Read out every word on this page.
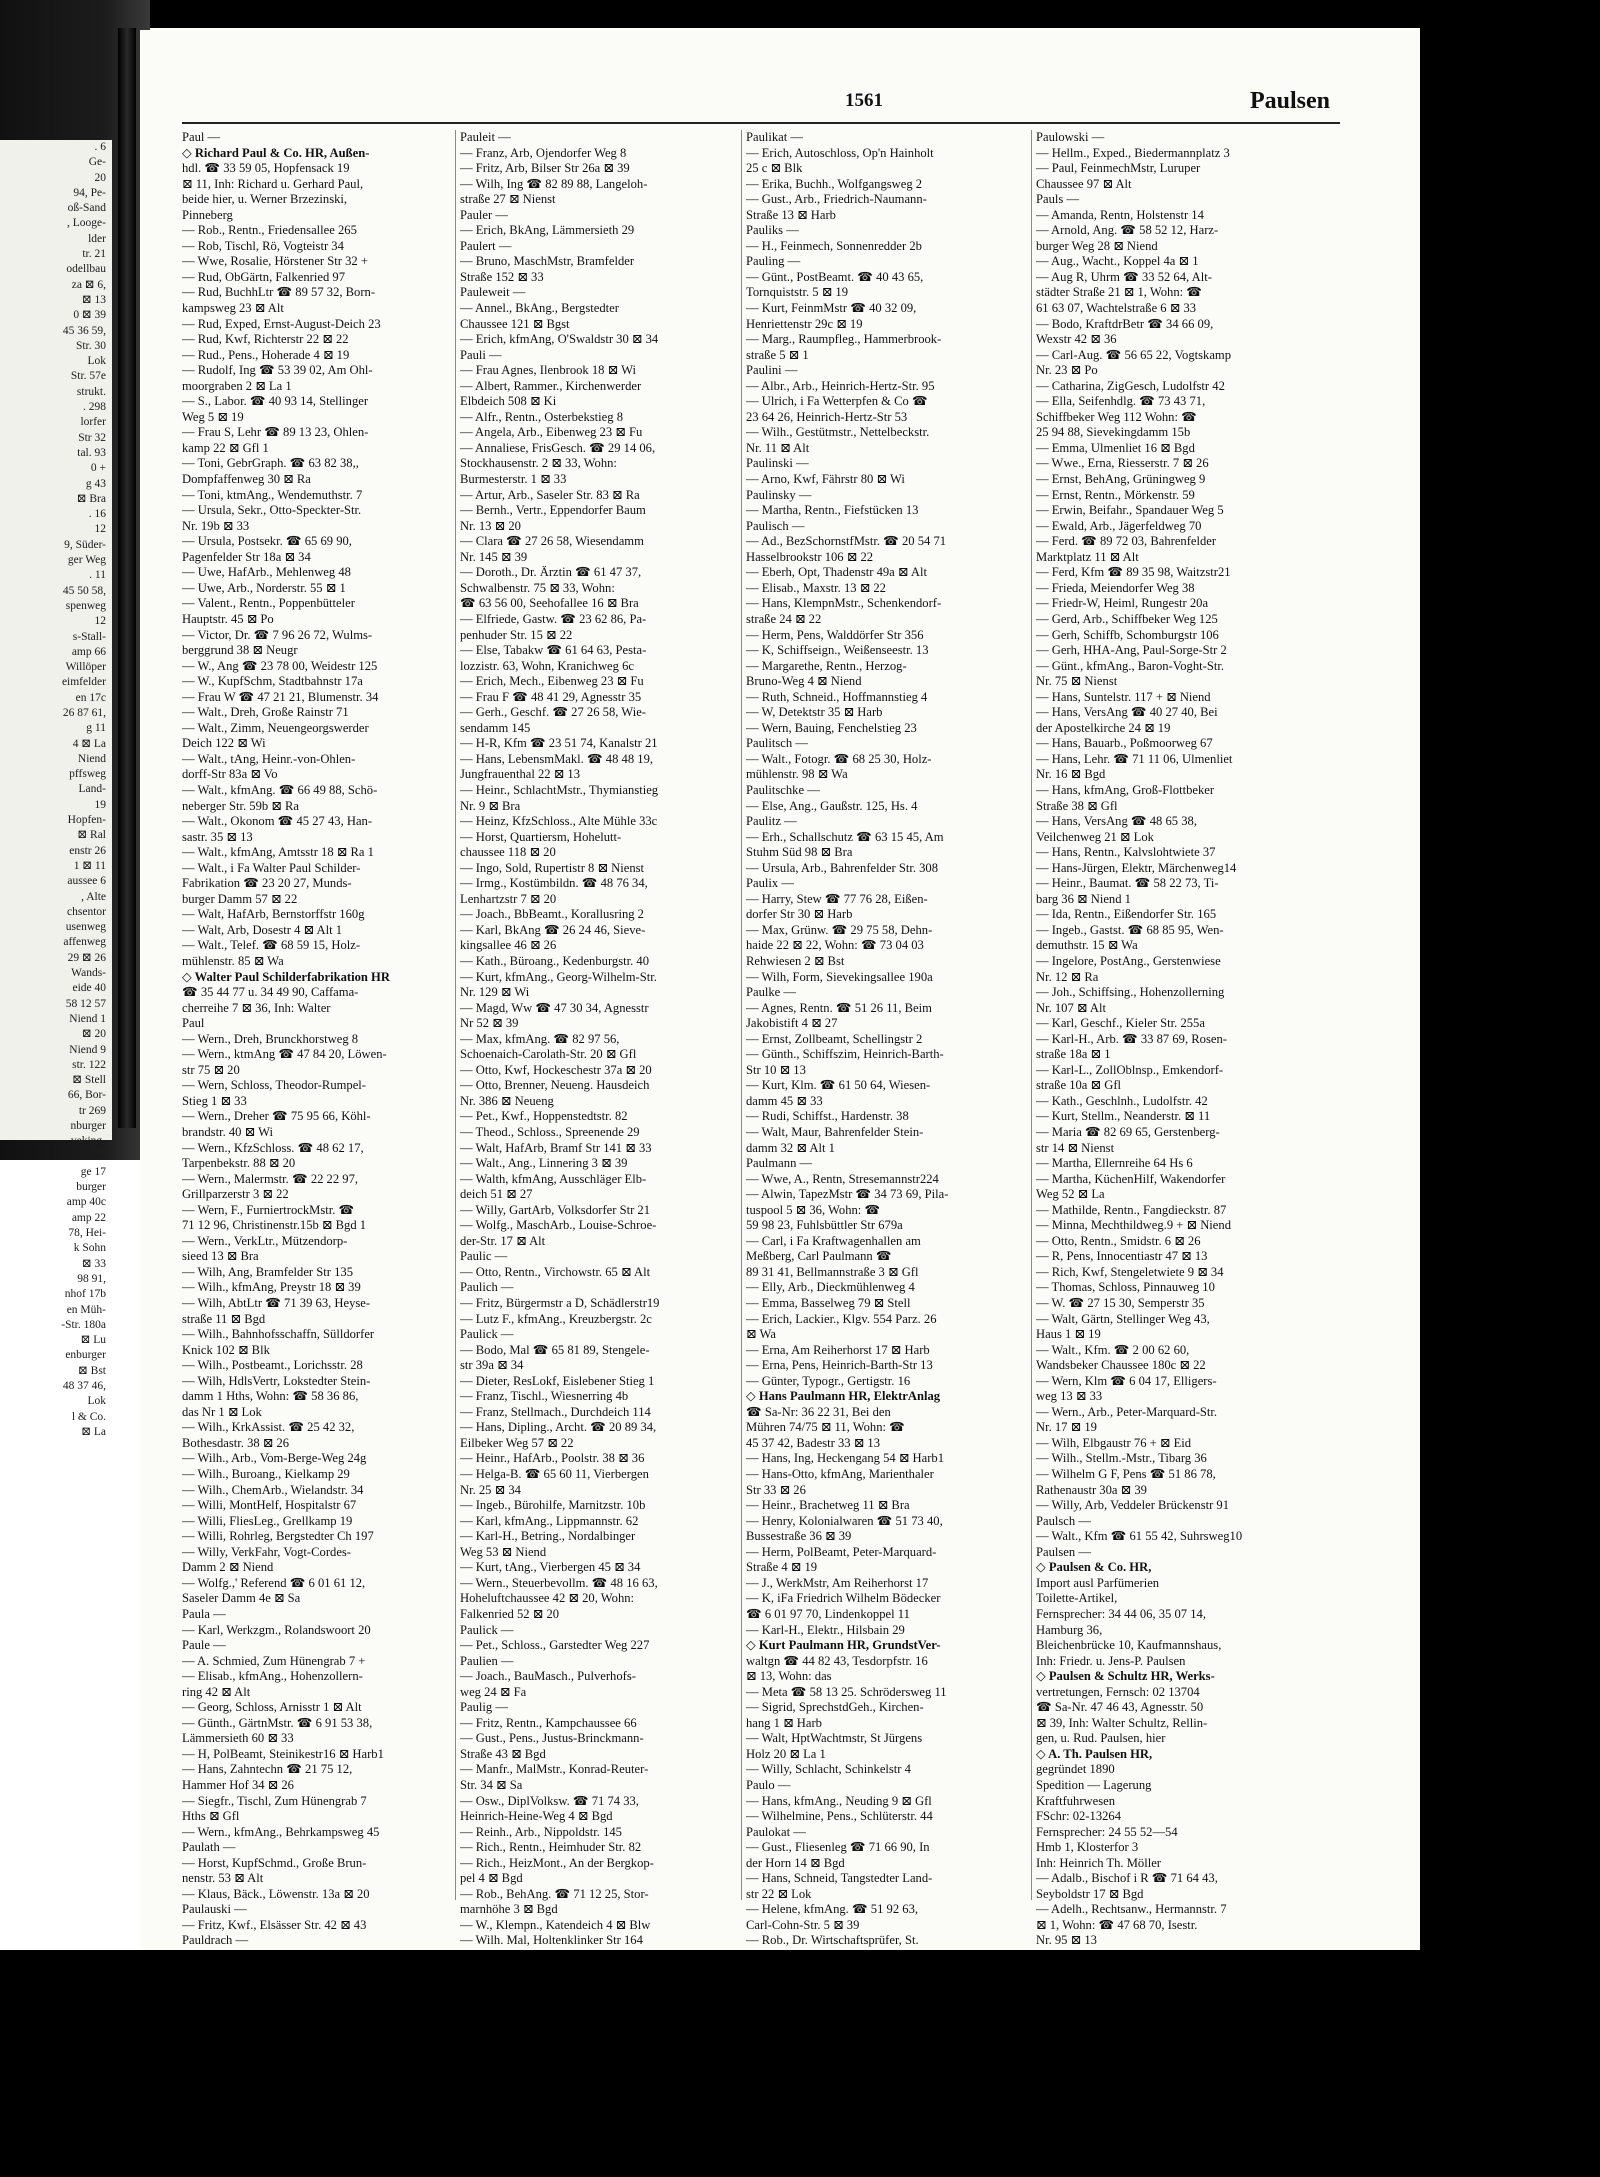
. 6
Ge-
20
94, Pe-
oß-Sand
, Looge-
lder
tr. 21
odellbau
za ⊠ 6,
⊠ 13
0 ⊠ 39
45 36 59,
Str. 30
Lok
Str. 57e
strukt.
. 298
lorfer
Str 32
tal. 93
0 +
g 43
⊠ Bra
. 16
12
9, Süder-
ger Weg
. 11
45 50 58,
spenweg
12
s-Stall-
amp 66
Willöper
eimfelder
en 17c
26 87 61,
g 11
4 ⊠ La
Niend
pffsweg
Land-
19
Hopfen-
⊠ Ral
enstr 26
1 ⊠ 11
aussee 6
, Alte
chsentor
usenweg
affenweg
29 ⊠ 26
Wands-
eide 40
58 12 57
Niend 1
⊠ 20
Niend 9
str. 122
⊠ Stell
66, Bor-
tr 269
nburger
veking-
. Alster-
ge 17
burger
amp 40c
amp 22
78, Hei-
k Sohn
⊠ 33
98 91,
nhof 17b
en Müh-
-Str. 180a
⊠ Lu
enburger
⊠ Bst
48 37 46,
Lok
l & Co.
⊠ La
1561	Paulsen
Paul —
◇ Richard Paul & Co. HR, Außen-
hdl. ☎ 33 59 05, Hopfensack 19
⊠ 11, Inh: Richard u. Gerhard Paul,
beide hier, u. Werner Brzezinski,
Pinneberg
— Rob., Rentn., Friedensallee 265
— Rob, Tischl, Rö, Vogteistr 34
— Wwe, Rosalie, Hörstener Str 32 +
— Rud, ObGärtn, Falkenried 97
— Rud, BuchhLtr ☎ 89 57 32, Born-
kampsweg 23 ⊠ Alt
— Rud, Exped, Ernst-August-Deich 23
— Rud, Kwf, Richterstr 22 ⊠ 22
— Rud., Pens., Hoherade 4 ⊠ 19
— Rudolf, Ing ☎ 53 39 02, Am Ohl-
moorgraben 2 ⊠ La 1
— S., Labor. ☎ 40 93 14, Stellinger
Weg 5 ⊠ 19
— Frau S, Lehr ☎ 89 13 23, Ohlen-
kamp 22 ⊠ Gfl 1
— Toni, GebrGraph. ☎ 63 82 38,,
Dompfaffenweg 30 ⊠ Ra
— Toni, ktmAng., Wendemuthstr. 7
— Ursula, Sekr., Otto-Speckter-Str.
Nr. 19b ⊠ 33
— Ursula, Postsekr. ☎ 65 69 90,
Pagenfelder Str 18a ⊠ 34
— Uwe, HafArb., Mehlenweg 48
— Uwe, Arb., Norderstr. 55 ⊠ 1
— Valent., Rentn., Poppenbütteler
Hauptstr. 45 ⊠ Po
— Victor, Dr. ☎ 7 96 26 72, Wulms-
berggrund 38 ⊠ Neugr
— W., Ang ☎ 23 78 00, Weidestr 125
— W., KupfSchm, Stadtbahnstr 17a
— Frau W ☎ 47 21 21, Blumenstr. 34
— Walt., Dreh, Große Rainstr 71
— Walt., Zimm, Neuengeorgswerder
Deich 122 ⊠ Wi
— Walt., tAng, Heinr.-von-Ohlen-
dorff-Str 83a ⊠ Vo
— Walt., kfmAng. ☎ 66 49 88, Schö-
neberger Str. 59b ⊠ Ra
— Walt., Okonom ☎ 45 27 43, Han-
sastr. 35 ⊠ 13
— Walt., kfmAng, Amtsstr 18 ⊠ Ra 1
— Walt., i Fa Walter Paul Schilder-
Fabrikation ☎ 23 20 27, Munds-
burger Damm 57 ⊠ 22
— Walt, HafArb, Bernstorffstr 160g
— Walt, Arb, Dosestr 4 ⊠ Alt 1
— Walt., Telef. ☎ 68 59 15, Holz-
mühlenstr. 85 ⊠ Wa
◇ Walter Paul Schilderfabrikation HR
☎ 35 44 77 u. 34 49 90, Caffama-
cherreihe 7 ⊠ 36, Inh: Walter
Paul
— Wern., Dreh, Brunckhorstweg 8
— Wern., ktmAng ☎ 47 84 20, Löwen-
str 75 ⊠ 20
— Wern, Schloss, Theodor-Rumpel-
Stieg 1 ⊠ 33
— Wern., Dreher ☎ 75 95 66, Köhl-
brandstr. 40 ⊠ Wi
— Wern., KfzSchloss. ☎ 48 62 17,
Tarpenbekstr. 88 ⊠ 20
— Wern., Malermstr. ☎ 22 22 97,
Grillparzerstr 3 ⊠ 22
— Wern, F., FurniertrockMstr. ☎
71 12 96, Christinenstr.15b ⊠ Bgd 1
— Wern., VerkLtr., Mützendorp-
sieed 13 ⊠ Bra
— Wilh, Ang, Bramfelder Str 135
— Wilh., kfmAng, Preystr 18 ⊠ 39
— Wilh, AbtLtr ☎ 71 39 63, Heyse-
straße 11 ⊠ Bgd
— Wilh., Bahnhofsschaffn, Sülldorfer
Knick 102 ⊠ Blk
— Wilh., Postbeamt., Lorichsstr. 28
— Wilh, HdlsVertr, Lokstedter Stein-
damm 1 Hths, Wohn: ☎ 58 36 86,
das Nr 1 ⊠ Lok
— Wilh., KrkAssist. ☎ 25 42 32,
Bothesdastr. 38 ⊠ 26
— Wilh., Arb., Vom-Berge-Weg 24g
— Wilh., Buroang., Kielkamp 29
— Wilh., ChemArb., Wielandstr. 34
— Willi, MontHelf, Hospitalstr 67
— Willi, FliesLeg., Grellkamp 19
— Willi, Rohrleg, Bergstedter Ch 197
— Willy, VerkFahr, Vogt-Cordes-
Damm 2 ⊠ Niend
— Wolfg.,' Referend ☎ 6 01 61 12,
Saseler Damm 4e ⊠ Sa
Paula —
— Karl, Werkzgm., Rolandswoort 20
Paule —
— A. Schmied, Zum Hünengrab 7 +
— Elisab., kfmAng., Hohenzollern-
ring 42 ⊠ Alt
— Georg, Schloss, Arnisstr 1 ⊠ Alt
— Günth., GärtnMstr. ☎ 6 91 53 38,
Lämmersieth 60 ⊠ 33
— H, PolBeamt, Steinikestr16 ⊠ Harb1
— Hans, Zahntechn ☎ 21 75 12,
Hammer Hof 34 ⊠ 26
— Siegfr., Tischl, Zum Hünengrab 7
Hths ⊠ Gfl
— Wern., kfmAng., Behrkampsweg 45
Paulath —
— Horst, KupfSchmd., Große Brun-
nenstr. 53 ⊠ Alt
— Klaus, Bäck., Löwenstr. 13a ⊠ 20
Paulauski —
— Fritz, Kwf., Elsässer Str. 42 ⊠ 43
Pauldrach —
Pauleit —
— Franz, Arb, Ojendorfer Weg 8
— Fritz, Arb, Bilser Str 26a ⊠ 39
— Wilh, Ing ☎ 82 89 88, Langeloh-
straße 27 ⊠ Nienst
Pauler —
— Erich, BkAng, Lämmersieth 29
Paulert —
— Bruno, MaschMstr, Bramfelder
Straße 152 ⊠ 33
Pauleweit —
— Annel., BkAng., Bergstedter
Chaussee 121 ⊠ Bgst
— Erich, kfmAng, O'Swaldstr 30 ⊠ 34
Pauli —
— Frau Agnes, Ilenbrook 18 ⊠ Wi
— Albert, Rammer., Kirchenwerder
Elbdeich 508 ⊠ Ki
— Alfr., Rentn., Osterbekstieg 8
— Angela, Arb., Eibenweg 23 ⊠ Fu
— Annaliese, FrisGesch. ☎ 29 14 06,
Stockhausenstr. 2 ⊠ 33, Wohn:
Burmesterstr. 1 ⊠ 33
— Artur, Arb., Saseler Str. 83 ⊠ Ra
— Bernh., Vertr., Eppendorfer Baum
Nr. 13 ⊠ 20
— Clara ☎ 27 26 58, Wiesendamm
Nr. 145 ⊠ 39
— Doroth., Dr. Ärztin ☎ 61 47 37,
Schwalbenstr. 75 ⊠ 33, Wohn:
☎ 63 56 00, Seehofallee 16 ⊠ Bra
— Elfriede, Gastw. ☎ 23 62 86, Pa-
penhuder Str. 15 ⊠ 22
— Else, Tabakw ☎ 61 64 63, Pesta-
lozzistr. 63, Wohn, Kranichweg 6c
— Erich, Mech., Eibenweg 23 ⊠ Fu
— Frau F ☎ 48 41 29, Agnesstr 35
— Gerh., Geschf. ☎ 27 26 58, Wie-
sendamm 145
— H-R, Kfm ☎ 23 51 74, Kanalstr 21
— Hans, LebensmMakl. ☎ 48 48 19,
Jungfrauenthal 22 ⊠ 13
— Heinr., SchlachtMstr., Thymianstieg
Nr. 9 ⊠ Bra
— Heinz, KfzSchloss., Alte Mühle 33c
— Horst, Quartiersm, Hohelutt-
chaussee 118 ⊠ 20
— Ingo, Sold, Rupertistr 8 ⊠ Nienst
— Irmg., Kostümbildn. ☎ 48 76 34,
Lenhartzstr 7 ⊠ 20
— Joach., BbBeamt., Korallusring 2
— Karl, BkAng ☎ 26 24 46, Sieve-
kingsallee 46 ⊠ 26
— Kath., Büroang., Kedenburgstr. 40
— Kurt, kfmAng., Georg-Wilhelm-Str.
Nr. 129 ⊠ Wi
— Magd, Ww ☎ 47 30 34, Agnesstr
Nr 52 ⊠ 39
— Max, kfmAng. ☎ 82 97 56,
Schoenaich-Carolath-Str. 20 ⊠ Gfl
— Otto, Kwf, Hockeschestr 37a ⊠ 20
— Otto, Brenner, Neueng. Hausdeich
Nr. 386 ⊠ Neueng
— Pet., Kwf., Hoppenstedtstr. 82
— Theod., Schloss., Spreenende 29
— Walt, HafArb, Bramf Str 141 ⊠ 33
— Walt., Ang., Linnering 3 ⊠ 39
— Walth, kfmAng, Ausschläger Elb-
deich 51 ⊠ 27
— Willy, GartArb, Volksdorfer Str 21
— Wolfg., MaschArb., Louise-Schroe-
der-Str. 17 ⊠ Alt
Paulic —
— Otto, Rentn., Virchowstr. 65 ⊠ Alt
Paulich —
— Fritz, Bürgermstr a D, Schädlerstr19
— Lutz F., kfmAng., Kreuzbergstr. 2c
Paulick —
— Bodo, Mal ☎ 65 81 89, Stengele-
str 39a ⊠ 34
— Dieter, ResLokf, Eislebener Stieg 1
— Franz, Tischl., Wiesnerring 4b
— Franz, Stellmach., Durchdeich 114
— Hans, Dipling., Archt. ☎ 20 89 34,
Eilbeker Weg 57 ⊠ 22
— Heinr., HafArb., Poolstr. 38 ⊠ 36
— Helga-B. ☎ 65 60 11, Vierbergen
Nr. 25 ⊠ 34
— Ingeb., Bürohilfe, Marnitzstr. 10b
— Karl, kfmAng., Lippmannstr. 62
— Karl-H., Betring., Nordalbinger
Weg 53 ⊠ Niend
— Kurt, tAng., Vierbergen 45 ⊠ 34
— Wern., Steuerbevollm. ☎ 48 16 63,
Hoheluftchaussee 42 ⊠ 20, Wohn:
Falkenried 52 ⊠ 20
Paulick —
— Pet., Schloss., Garstedter Weg 227
Paulien —
— Joach., BauMasch., Pulverhofs-
weg 24 ⊠ Fa
Paulig —
— Fritz, Rentn., Kampchaussee 66
— Gust., Pens., Justus-Brinckmann-
Straße 43 ⊠ Bgd
— Manfr., MalMstr., Konrad-Reuter-
Str. 34 ⊠ Sa
— Osw., DiplVolksw. ☎ 71 74 33,
Heinrich-Heine-Weg 4 ⊠ Bgd
— Reinh., Arb., Nippoldstr. 145
— Rich., Rentn., Heimhuder Str. 82
— Rich., HeizMont., An der Bergkop-
pel 4 ⊠ Bgd
— Rob., BehAng. ☎ 71 12 25, Stor-
marnhöhe 3 ⊠ Bgd
— W., Klempn., Katendeich 4 ⊠ Blw
— Wilh. Mal, Holtenklinker Str 164
Paulikat —
— Erich, Autoschloss, Op'n Hainholt
25 c ⊠ Blk
— Erika, Buchh., Wolfgangsweg 2
— Gust., Arb., Friedrich-Naumann-
Straße 13 ⊠ Harb
Pauliks —
— H., Feinmech, Sonnenredder 2b
Pauling —
— Günt., PostBeamt. ☎ 40 43 65,
Tornquiststr. 5 ⊠ 19
— Kurt, FeinmMstr ☎ 40 32 09,
Henriettenstr 29c ⊠ 19
— Marg., Raumpfleg., Hammerbrook-
straße 5 ⊠ 1
Paulini —
— Albr., Arb., Heinrich-Hertz-Str. 95
— Ulrich, i Fa Wetterpfen & Co ☎
23 64 26, Heinrich-Hertz-Str 53
— Wilh., Gestütmstr., Nettelbeckstr.
Nr. 11 ⊠ Alt
Paulinski —
— Arno, Kwf, Fährstr 80 ⊠ Wi
Paulinsky —
— Martha, Rentn., Fiefstücken 13
Paulisch —
— Ad., BezSchornstfMstr. ☎ 20 54 71
Hasselbrookstr 106 ⊠ 22
— Eberh, Opt, Thadenstr 49a ⊠ Alt
— Elisab., Maxstr. 13 ⊠ 22
— Hans, KlempnMstr., Schenkendorf-
straße 24 ⊠ 22
— Herm, Pens, Walddörfer Str 356
— K, Schiffseign., Weißenseestr. 13
— Margarethe, Rentn., Herzog-
Bruno-Weg 4 ⊠ Niend
— Ruth, Schneid., Hoffmannstieg 4
— W, Detektstr 35 ⊠ Harb
— Wern, Bauing, Fenchelstieg 23
Paulitsch —
— Walt., Fotogr. ☎ 68 25 30, Holz-
mühlenstr. 98 ⊠ Wa
Paulitschke —
— Else, Ang., Gaußstr. 125, Hs. 4
Paulitz —
— Erh., Schallschutz ☎ 63 15 45, Am
Stuhm Süd 98 ⊠ Bra
— Ursula, Arb., Bahrenfelder Str. 308
Paulix —
— Harry, Stew ☎ 77 76 28, Eißen-
dorfer Str 30 ⊠ Harb
— Max, Grünw. ☎ 29 75 58, Dehn-
haide 22 ⊠ 22, Wohn: ☎ 73 04 03
Rehwiesen 2 ⊠ Bst
— Wilh, Form, Sievekingsallee 190a
Paulke —
— Agnes, Rentn. ☎ 51 26 11, Beim
Jakobistift 4 ⊠ 27
— Ernst, Zollbeamt, Schellingstr 2
— Günth., Schiffszim, Heinrich-Barth-
Str 10 ⊠ 13
— Kurt, Klm. ☎ 61 50 64, Wiesen-
damm 45 ⊠ 33
— Rudi, Schiffst., Hardenstr. 38
— Walt, Maur, Bahrenfelder Stein-
damm 32 ⊠ Alt 1
Paulmann —
— Wwe, A., Rentn, Stresemannstr224
— Alwin, TapezMstr ☎ 34 73 69, Pila-
tuspool 5 ⊠ 36, Wohn: ☎
59 98 23, Fuhlsbüttler Str 679a
— Carl, i Fa Kraftwagenhallen am
Meßberg, Carl Paulmann ☎
89 31 41, Bellmannstraße 3 ⊠ Gfl
— Elly, Arb., Dieckmühlenweg 4
— Emma, Basselweg 79 ⊠ Stell
— Erich, Lackier., Klgv. 554 Parz. 26
⊠ Wa
— Erna, Am Reiherhorst 17 ⊠ Harb
— Erna, Pens, Heinrich-Barth-Str 13
— Günter, Typogr., Gertigstr. 16
◇ Hans Paulmann HR, ElektrAnlag
☎ Sa-Nr: 36 22 31, Bei den
Mühren 74/75 ⊠ 11, Wohn: ☎
45 37 42, Badestr 33 ⊠ 13
— Hans, Ing, Heckengang 54 ⊠ Harb1
— Hans-Otto, kfmAng, Marienthaler
Str 33 ⊠ 26
— Heinr., Brachetweg 11 ⊠ Bra
— Henry, Kolonialwaren ☎ 51 73 40,
Bussestraße 36 ⊠ 39
— Herm, PolBeamt, Peter-Marquard-
Straße 4 ⊠ 19
— J., WerkMstr, Am Reiherhorst 17
— K, iFa Friedrich Wilhelm Bödecker
☎ 6 01 97 70, Lindenkoppel 11
— Karl-H., Elektr., Hilsbain 29
◇ Kurt Paulmann HR, GrundstVer-
waltgn ☎ 44 82 43, Tesdorpfstr. 16
⊠ 13, Wohn: das
— Meta ☎ 58 13 25. Schrödersweg 11
— Sigrid, SprechstdGeh., Kirchen-
hang 1 ⊠ Harb
— Walt, HptWachtmstr, St Jürgens
Holz 20 ⊠ La 1
— Willy, Schlacht, Schinkelstr 4
Paulo —
— Hans, kfmAng., Neuding 9 ⊠ Gfl
— Wilhelmine, Pens., Schlüterstr. 44
Paulokat —
— Gust., Fliesenleg ☎ 71 66 90, In
der Horn 14 ⊠ Bgd
— Hans, Schneid, Tangstedter Land-
str 22 ⊠ Lok
— Helene, kfmAng. ☎ 51 92 63,
Carl-Cohn-Str. 5 ⊠ 39
— Rob., Dr. Wirtschaftsprüfer, St.
Paulowski —
— Hellm., Exped., Biedermannplatz 3
— Paul, FeinmechMstr, Luruper
Chaussee 97 ⊠ Alt
Pauls —
— Amanda, Rentn, Holstenstr 14
— Arnold, Ang. ☎ 58 52 12, Harz-
burger Weg 28 ⊠ Niend
— Aug., Wacht., Koppel 4a ⊠ 1
— Aug R, Uhrm ☎ 33 52 64, Alt-
städter Straße 21 ⊠ 1, Wohn: ☎
61 63 07, Wachtelstraße 6 ⊠ 33
— Bodo, KraftdrBetr ☎ 34 66 09,
Wexstr 42 ⊠ 36
— Carl-Aug. ☎ 56 65 22, Vogtskamp
Nr. 23 ⊠ Po
— Catharina, ZigGesch, Ludolfstr 42
— Ella, Seifenhdlg. ☎ 73 43 71,
Schiffbeker Weg 112 Wohn: ☎
25 94 88, Sievekingdamm 15b
— Emma, Ulmenliet 16 ⊠ Bgd
— Wwe., Erna, Riesserstr. 7 ⊠ 26
— Ernst, BehAng, Grüningweg 9
— Ernst, Rentn., Mörkenstr. 59
— Erwin, Beifahr., Spandauer Weg 5
— Ewald, Arb., Jägerfeldweg 70
— Ferd. ☎ 89 72 03, Bahrenfelder
Marktplatz 11 ⊠ Alt
— Ferd, Kfm ☎ 89 35 98, Waitzstr21
— Frieda, Meiendorfer Weg 38
— Friedr-W, Heiml, Rungestr 20a
— Gerd, Arb., Schiffbeker Weg 125
— Gerh, Schiffb, Schomburgstr 106
— Gerh, HHA-Ang, Paul-Sorge-Str 2
— Günt., kfmAng., Baron-Voght-Str.
Nr. 75 ⊠ Nienst
— Hans, Suntelstr. 117 + ⊠ Niend
— Hans, VersAng ☎ 40 27 40, Bei
der Apostelkirche 24 ⊠ 19
— Hans, Bauarb., Poßmoorweg 67
— Hans, Lehr. ☎ 71 11 06, Ulmenliet
Nr. 16 ⊠ Bgd
— Hans, kfmAng, Groß-Flottbeker
Straße 38 ⊠ Gfl
— Hans, VersAng ☎ 48 65 38,
Veilchenweg 21 ⊠ Lok
— Hans, Rentn., Kalvslohtwiete 37
— Hans-Jürgen, Elektr, Märchenweg14
— Heinr., Baumat. ☎ 58 22 73, Ti-
barg 36 ⊠ Niend 1
— Ida, Rentn., Eißendorfer Str. 165
— Ingeb., Gastst. ☎ 68 85 95, Wen-
demuthstr. 15 ⊠ Wa
— Ingelore, PostAng., Gerstenwiese
Nr. 12 ⊠ Ra
— Joh., Schiffsing., Hohenzollerning
Nr. 107 ⊠ Alt
— Karl, Geschf., Kieler Str. 255a
— Karl-H., Arb. ☎ 33 87 69, Rosen-
straße 18a ⊠ 1
— Karl-L., ZollOblnsp., Emkendorf-
straße 10a ⊠ Gfl
— Kath., Geschlnh., Ludolfstr. 42
— Kurt, Stellm., Neanderstr. ⊠ 11
— Maria ☎ 82 69 65, Gerstenberg-
str 14 ⊠ Nienst
— Martha, Ellernreihe 64 Hs 6
— Martha, KüchenHilf, Wakendorfer
Weg 52 ⊠ La
— Mathilde, Rentn., Fangdieckstr. 87
— Minna, Mechthildweg.9 + ⊠ Niend
— Otto, Rentn., Smidstr. 6 ⊠ 26
— R, Pens, Innocentiastr 47 ⊠ 13
— Rich, Kwf, Stengeletwiete 9 ⊠ 34
— Thomas, Schloss, Pinnauweg 10
— W. ☎ 27 15 30, Semperstr 35
— Walt, Gärtn, Stellinger Weg 43,
Haus 1 ⊠ 19
— Walt., Kfm. ☎ 2 00 62 60,
Wandsbeker Chaussee 180c ⊠ 22
— Wern, Klm ☎ 6 04 17, Elligers-
weg 13 ⊠ 33
— Wern., Arb., Peter-Marquard-Str.
Nr. 17 ⊠ 19
— Wilh, Elbgaustr 76 + ⊠ Eid
— Wilh., Stellm.-Mstr., Tibarg 36
— Wilhelm G F, Pens ☎ 51 86 78,
Rathenaustr 30a ⊠ 39
— Willy, Arb, Veddeler Brückenstr 91
Paulsch —
— Walt., Kfm ☎ 61 55 42, Suhrsweg10
Paulsen —
◇ Paulsen & Co. HR,
Import ausl Parfümerien
Toilette-Artikel,
Fernsprecher: 34 44 06, 35 07 14,
Hamburg 36,
Bleichenbrücke 10, Kaufmannshaus,
Inh: Friedr. u. Jens-P. Paulsen
◇ Paulsen & Schultz HR, Werks-
vertretungen, Fernsch: 02 13704
☎ Sa-Nr. 47 46 43, Agnesstr. 50
⊠ 39, Inh: Walter Schultz, Rellin-
gen, u. Rud. Paulsen, hier
◇ A. Th. Paulsen HR,
gegründet 1890
Spedition — Lagerung
Kraftfuhrwesen
FSchr: 02-13264
Fernsprecher: 24 55 52—54
Hmb 1, Klosterfor 3
Inh: Heinrich Th. Möller
— Adalb., Bischof i R ☎ 71 64 43,
Seyboldstr 17 ⊠ Bgd
— Adelh., Rechtsanw., Hermannstr. 7
⊠ 1, Wohn: ☎ 47 68 70, Isestr.
Nr. 95 ⊠ 13
